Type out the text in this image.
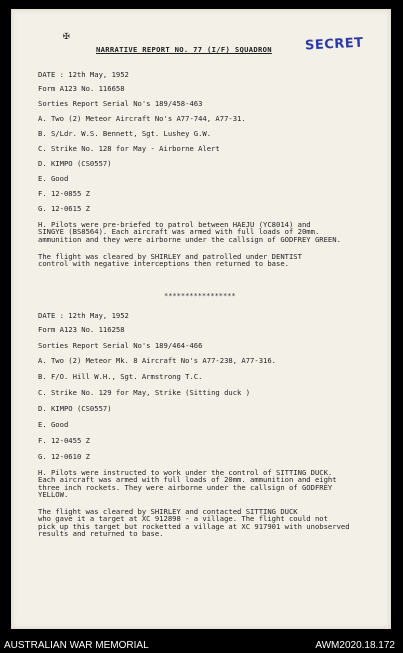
✠	SECRET
NARRATIVE REPORT NO. 77 (I/F) SQUADRON
DATE : 12th May, 1952
Form A123 No. 116658
Sorties Report Serial No's 189/458-463
A. Two (2) Meteor Aircraft No's A77-744, A77-31.
B. S/Ldr. W.S. Bennett, Sgt. Lushey G.W.
C. Strike No. 128 for May - Airborne Alert
D. KIMPO (CS0557)
E. Good
F. 12-0855 Z
G. 12-0615 Z
H. Pilots were pre-briefed to patrol between HAEJU (YC8014) and
SINGYE (BS8564). Each aircraft was armed with full loads of 20mm.
ammunition and they were airborne under the callsign of GODFREY GREEN.
The flight was cleared by SHIRLEY and patrolled under DENTIST
control with negative interceptions then returned to base.
*****************
DATE : 12th May, 1952
Form A123 No. 116258
Sorties Report Serial No's 189/464-466
A. Two (2) Meteor Mk. 8 Aircraft No's A77-238, A77-316.
B. F/O. Hill W.H., Sgt. Armstrong T.C.
C. Strike No. 129 for May, Strike (Sitting duck )
D. KIMPO (CS0557)
E. Good
F. 12-0455 Z
G. 12-0610 Z
H. Pilots were instructed to work under the control of SITTING DUCK.
Each aircraft was armed with full loads of 20mm. ammunition and eight
three inch rockets. They were airborne under the callsign of GODFREY
YELLOW.
The flight was cleared by SHIRLEY and contacted SITTING DUCK
who gave it a target at XC 912898 - a village. The flight could not
pick up this target but rocketted a village at XC 917901 with unobserved
results and returned to base.
AUSTRALIAN WAR MEMORIAL	AWM2020.18.172
